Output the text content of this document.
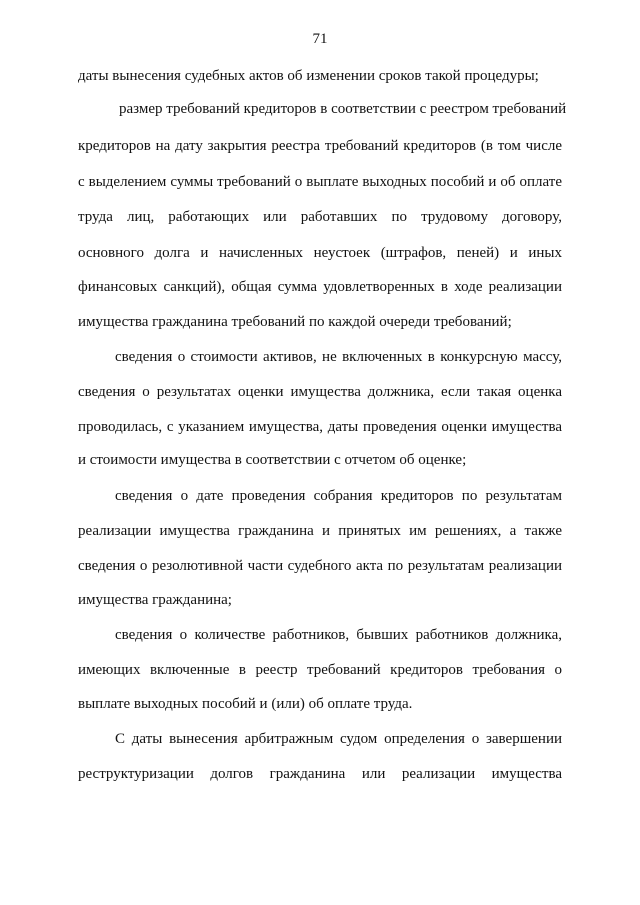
71
даты вынесения судебных актов об изменении сроков такой процедуры;
размер требований кредиторов в соответствии с реестром требований
кредиторов на дату закрытия реестра требований кредиторов (в том числе
с выделением суммы требований о выплате выходных пособий и об оплате
труда лиц, работающих или работавших по трудовому договору,
основного долга и начисленных неустоек (штрафов, пеней) и иных
финансовых санкций), общая сумма удовлетворенных в ходе реализации
имущества гражданина требований по каждой очереди требований;
сведения о стоимости активов, не включенных в конкурсную массу,
сведения о результатах оценки имущества должника, если такая оценка
проводилась, с указанием имущества, даты проведения оценки имущества
и стоимости имущества в соответствии с отчетом об оценке;
сведения о дате проведения собрания кредиторов по результатам
реализации имущества гражданина и принятых им решениях, а также
сведения о резолютивной части судебного акта по результатам реализации
имущества гражданина;
сведения о количестве работников, бывших работников должника,
имеющих включенные в реестр требований кредиторов требования о
выплате выходных пособий и (или) об оплате труда.
С даты вынесения арбитражным судом определения о завершении
реструктуризации долгов гражданина или реализации имущества
